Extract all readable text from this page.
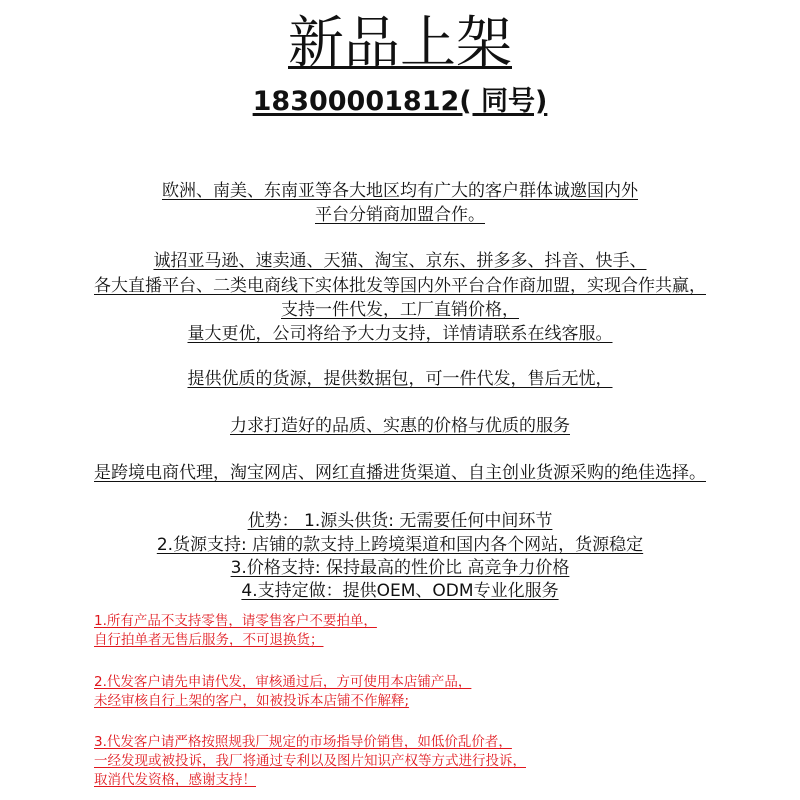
新品上架
18300001812( 同号)
欧洲、南美、东南亚等各大地区均有广大的客户群体诚邀国内外
平台分销商加盟合作。
诚招亚马逊、速卖通、天猫、淘宝、京东、拼多多、抖音、快手、
各大直播平台、二类电商线下实体批发等国内外平台合作商加盟，实现合作共赢，
支持一件代发，工厂直销价格，
量大更优，公司将给予大力支持，详情请联系在线客服。
提供优质的货源，提供数据包，可一件代发，售后无忧，
力求打造好的品质、实惠的价格与优质的服务
是跨境电商代理，淘宝网店、网红直播进货渠道、自主创业货源采购的绝佳选择。
优势： 1.源头供货: 无需要任何中间环节
2.货源支持: 店铺的款支持上跨境渠道和国内各个网站，货源稳定
3.价格支持: 保持最高的性价比 高竞争力价格
4.支持定做：提供OEM、ODM专业化服务
1.所有产品不支持零售，请零售客户不要拍单，
自行拍单者无售后服务，不可退换货；
2.代发客户请先申请代发，审核通过后，方可使用本店铺产品，
未经审核自行上架的客户，如被投诉本店铺不作解释;
3.代发客户请严格按照规我厂规定的市场指导价销售，如低价乱价者，
一经发现或被投诉，我厂将通过专利以及图片知识产权等方式进行投诉，
取消代发资格，感谢支持！
